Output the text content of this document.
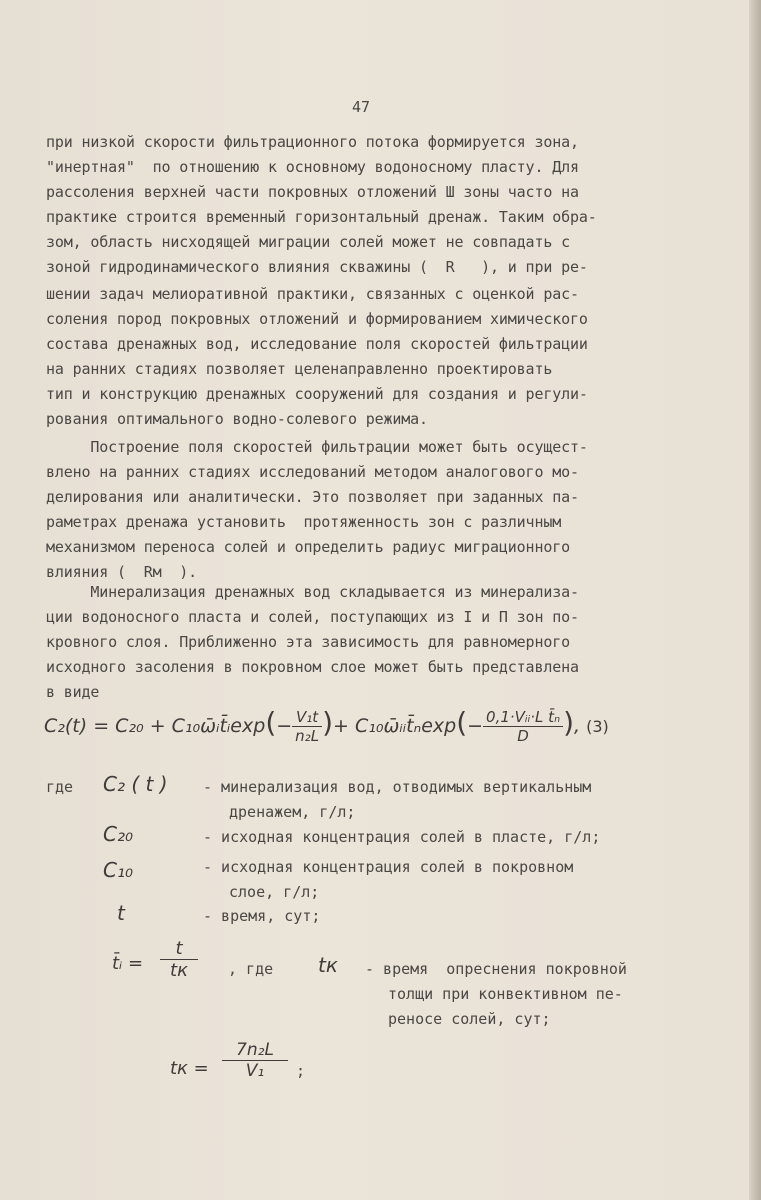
47
при низкой скорости фильтрационного потока формируется зона,
"инертная"  по отношению к основному водоносному пласту. Для
рассоления верхней части покровных отложений Ш зоны часто на
практике строится временный горизонтальный дренаж. Таким обра-
зом, область нисходящей миграции солей может не совпадать с
зоной гидродинамического влияния скважины (  R   ), и при ре-
шении задач мелиоративной практики, связанных с оценкой рас-
соления пород покровных отложений и формированием химического
состава дренажных вод, исследование поля скоростей фильтрации
на ранних стадиях позволяет целенаправленно проектировать
тип и конструкцию дренажных сооружений для создания и регули-
рования оптимального водно-солевого режима.
Построение поля скоростей фильтрации может быть осущест-
влено на ранних стадиях исследований методом аналогового мо-
делирования или аналитически. Это позволяет при заданных па-
раметрах дренажа установить  протяженность зон с различным
механизмом переноса солей и определить радиус миграционного
влияния (  Rм  ).
Минерализация дренажных вод складывается из минерализа-
ции водоносного пласта и солей, поступающих из I и П зон по-
кровного слоя. Приближенно эта зависимость для равномерного
исходного засоления в покровном слое может быть представлена
в виде
C₂(t) = C₂₀ + C₁₀ω̄ᵢt̄ᵢexp(− $\frac{\text{V₁t}}{\text{n₂L}}$ )+ C₁₀ω̄ᵢᵢt̄ₙexp(− $\frac{\text{0,1·Vᵢᵢ·L t̄ₙ}}{D}$ ), (3)
где C₂ ( t ) - минерализация вод, отводимых вертикальным
дренажем, г/л;
C₂₀	- исходная концентрация солей в пласте, г/л;
C₁₀	- исходная концентрация солей в покровном
слое, г/л;
t	- время, сут;
t̄ᵢ =
t
tк	, где tк - время  опреснения покровной
толщи при конвективном пе-
реносе солей, сут;
tк =
7n₂L
V₁	;
